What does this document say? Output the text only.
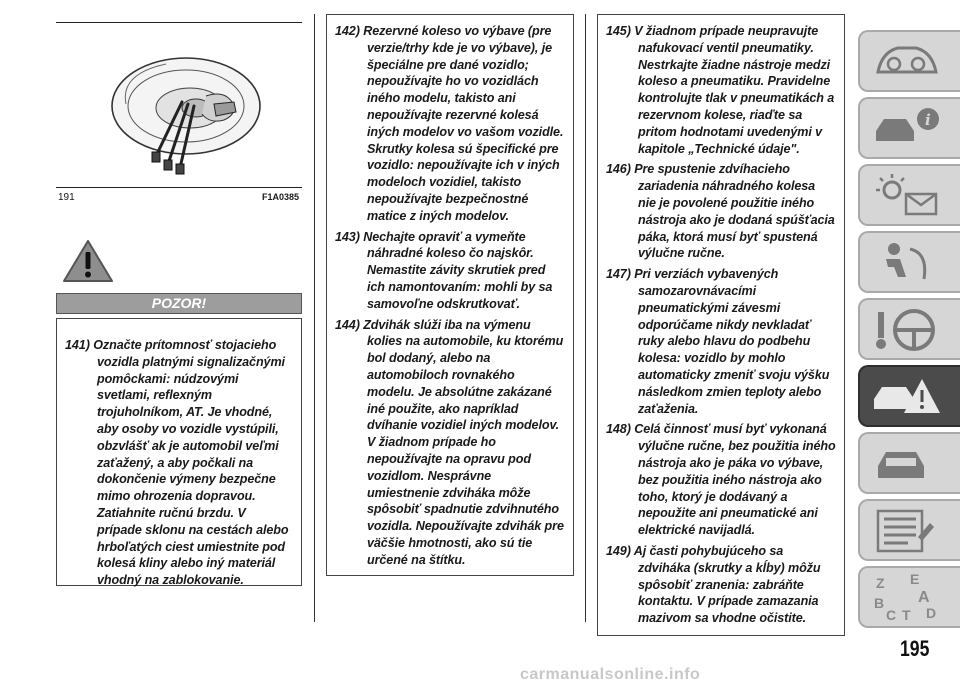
191	F1A0385
POZOR!

141) Označte prítomnosť stojacieho vozidla platnými signalizačnými pomôckami: núdzovými svetlami, reflexným trojuholníkom, AT. Je vhodné, aby osoby vo vozidle vystúpili, obzvlášť ak je automobil veľmi zaťažený, a aby počkali na dokončenie výmeny bezpečne mimo ohrozenia dopravou. Zatiahnite ručnú brzdu. V prípade sklonu na cestách alebo hrboľatých ciest umiestnite pod kolesá kliny alebo iný materiál vhodný na zablokovanie.

142) Rezervné koleso vo výbave (pre verzie/trhy kde je vo výbave), je špeciálne pre dané vozidlo; nepoužívajte ho vo vozidlách iného modelu, takisto ani nepoužívajte rezervné kolesá iných modelov vo vašom vozidle. Skrutky kolesa sú špecifické pre vozidlo: nepoužívajte ich v iných modeloch vozidiel, takisto nepoužívajte bezpečnostné matice z iných modelov.

143) Nechajte opraviť a vymeňte náhradné koleso čo najskôr. Nemastite závity skrutiek pred ich namontovaním: mohli by sa samovoľne odskrutkovať.

144) Zdvihák slúži iba na výmenu kolies na automobile, ku ktorému bol dodaný, alebo na automobiloch rovnakého modelu. Je absolútne zakázané iné použite, ako napríklad dvíhanie vozidiel iných modelov. V žiadnom prípade ho nepoužívajte na opravu pod vozidlom. Nesprávne umiestnenie zdviháka môže spôsobiť spadnutie zdvihnutého vozidla. Nepoužívajte zdvihák pre väčšie hmotnosti, ako sú tie určené na štítku.

145) V žiadnom prípade neupravujte nafukovací ventil pneumatiky. Nestrkajte žiadne nástroje medzi koleso a pneumatiku. Pravidelne kontrolujte tlak v pneumatikách a rezervnom kolese, riaďte sa pritom hodnotami uvedenými v kapitole „Technické údaje".

146) Pre spustenie zdvíhacieho zariadenia náhradného kolesa nie je povolené použitie iného nástroja ako je dodaná spúšťacia páka, ktorá musí byť spustená výlučne ručne.

147) Pri verziách vybavených samozarovnávacími pneumatickými závesmi odporúčame nikdy nevkladať ruky alebo hlavu do podbehu kolesa: vozidlo by mohlo automaticky zmeniť svoju výšku následkom zmien teploty alebo zaťaženia.

148) Celá činnosť musí byť vykonaná výlučne ručne, bez použitia iného nástroja ako je páka vo výbave, bez použitia iného nástroja ako toho, ktorý je dodávaný a nepoužite ani pneumatické ani elektrické navijadlá.

149) Aj časti pohybujúceho sa zdviháka (skrutky a kĺby) môžu spôsobiť zranenia: zabráňte kontaktu. V prípade zamazania mazivom sa vhodne očistite.

i
Z E
A
B
C T D
195
carmanualsonline.info
